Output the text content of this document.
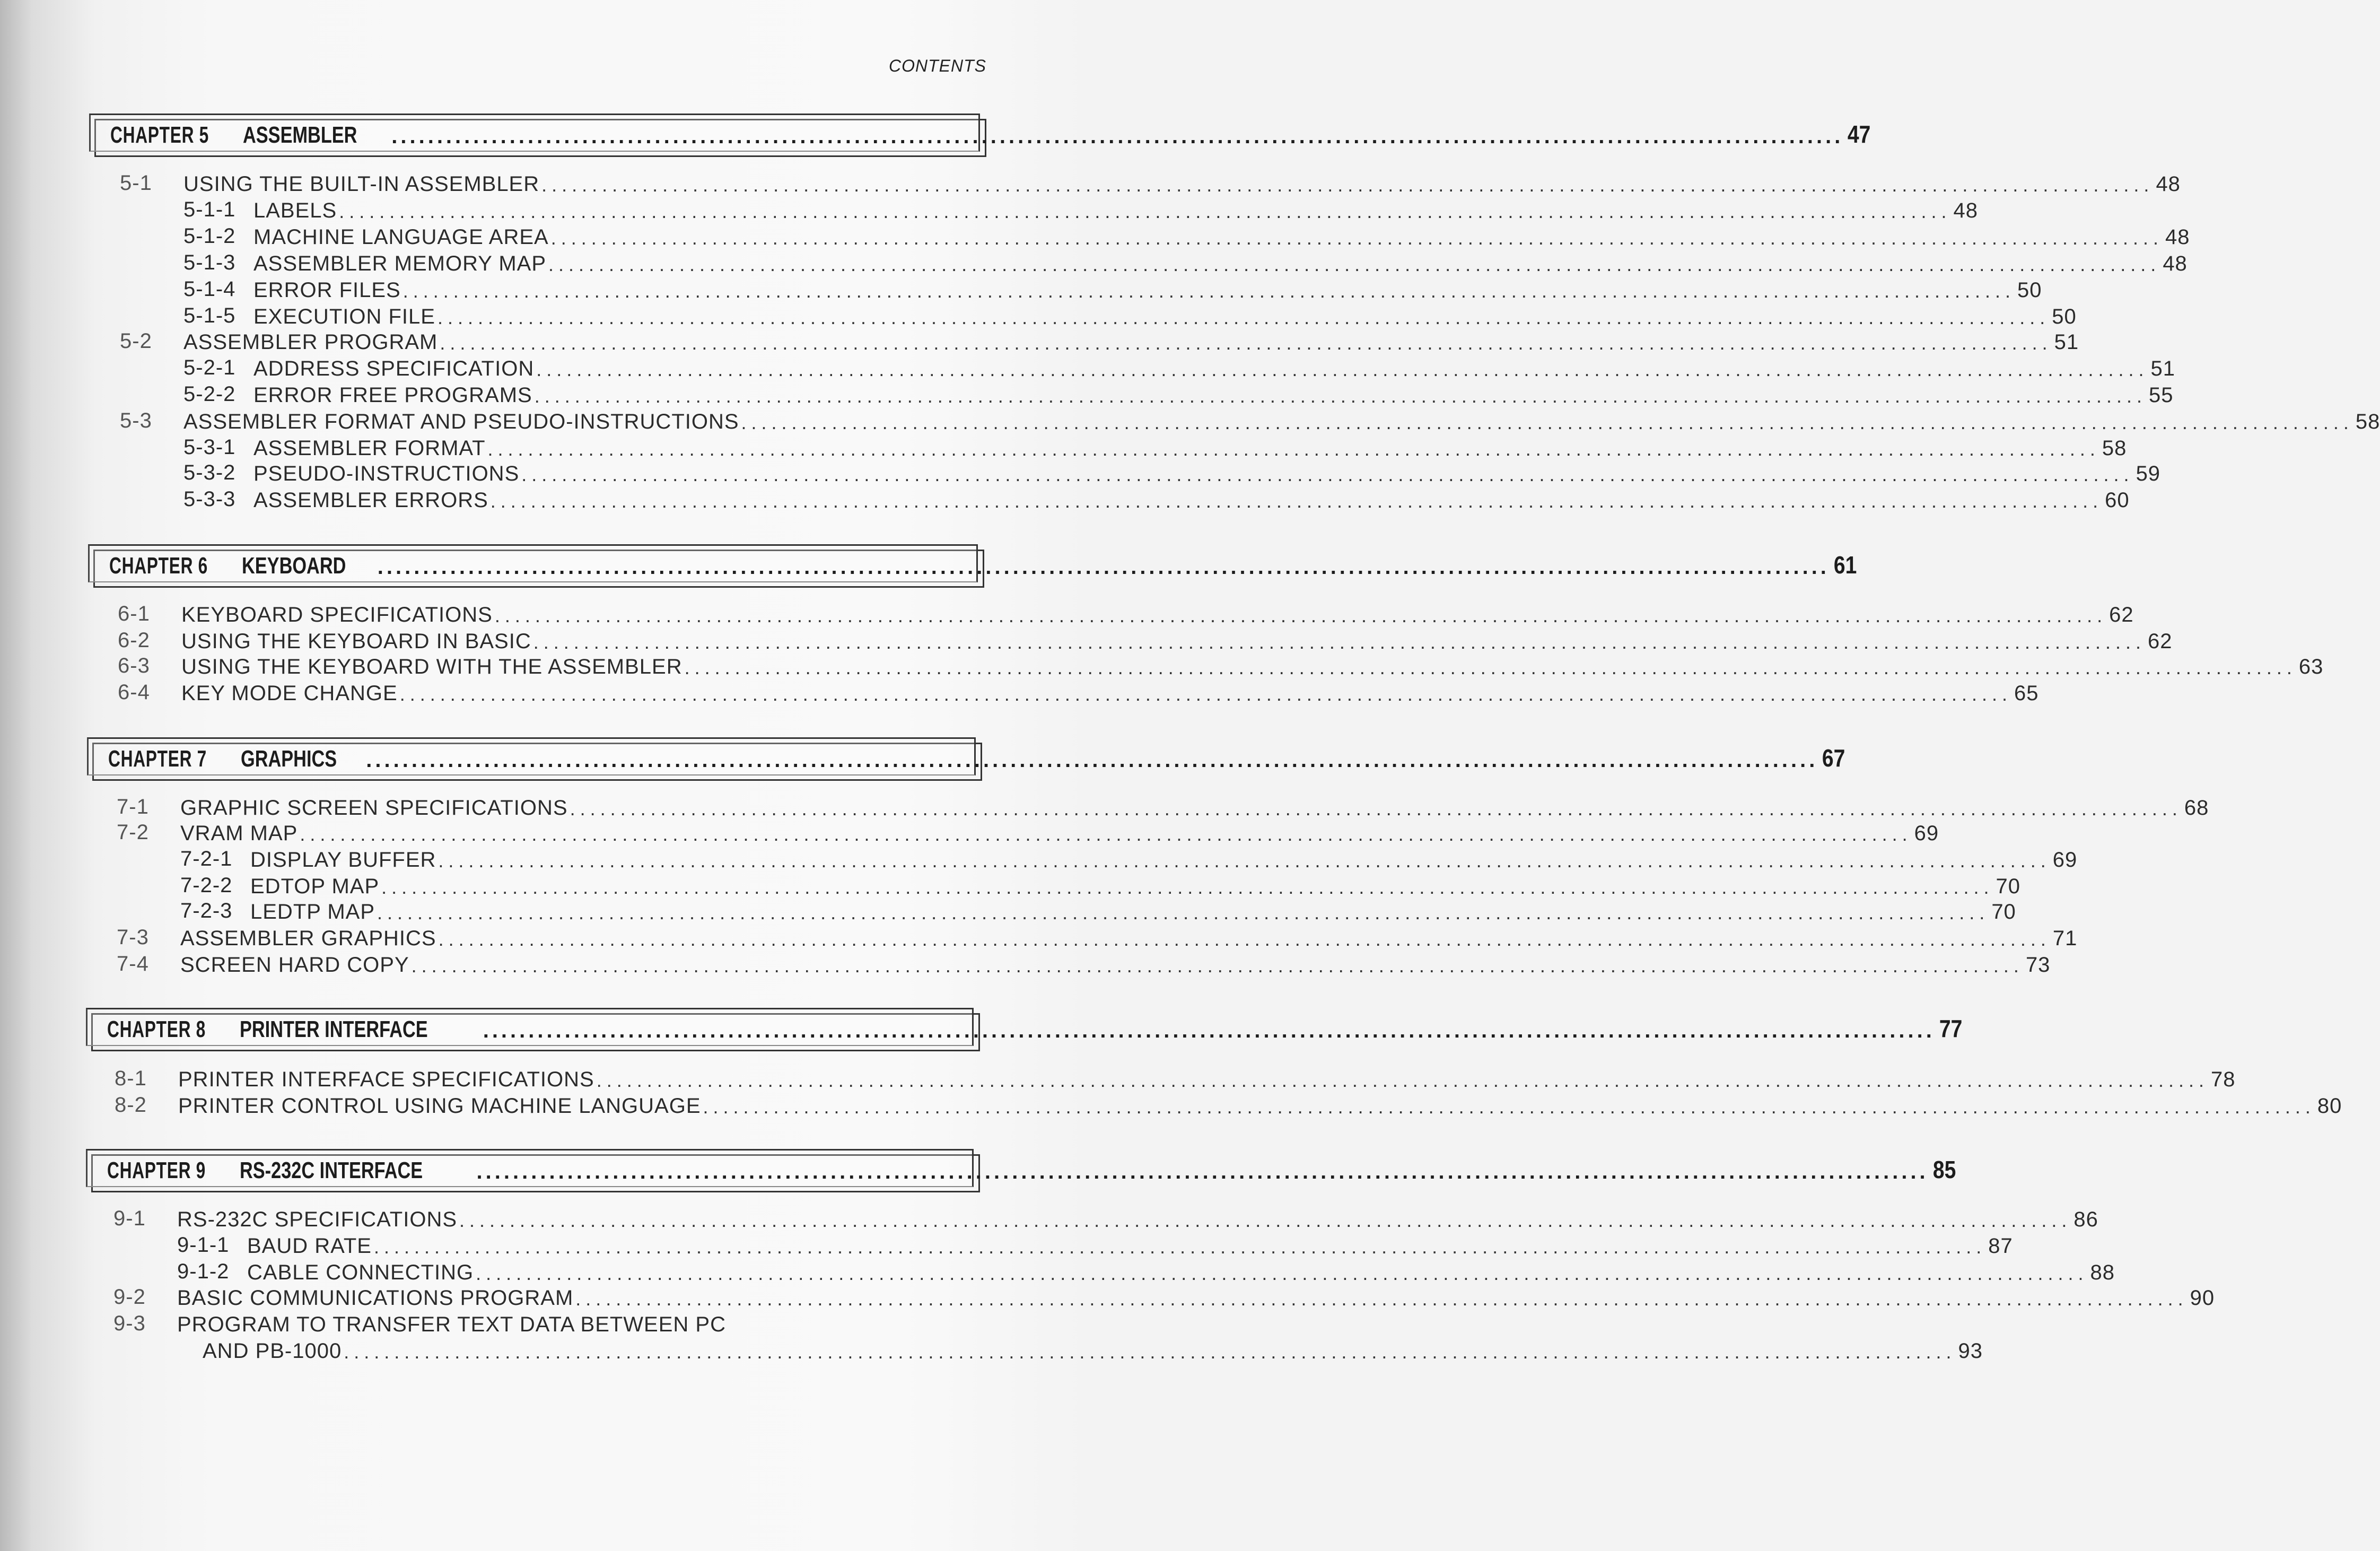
CONTENTS
CHAPTER 5 ASSEMBLER ................................................................................................................................................................ 47
5-1 USING THE BUILT-IN ASSEMBLER ................................................................................................................................................................ 48
5-1-1 LABELS ................................................................................................................................................................ 48
5-1-2 MACHINE LANGUAGE AREA ................................................................................................................................................................ 48
5-1-3 ASSEMBLER MEMORY MAP ................................................................................................................................................................ 48
5-1-4 ERROR FILES ................................................................................................................................................................ 50
5-1-5 EXECUTION FILE ................................................................................................................................................................ 50
5-2 ASSEMBLER PROGRAM ................................................................................................................................................................ 51
5-2-1 ADDRESS SPECIFICATION ................................................................................................................................................................ 51
5-2-2 ERROR FREE PROGRAMS ................................................................................................................................................................ 55
5-3 ASSEMBLER FORMAT AND PSEUDO-INSTRUCTIONS ................................................................................................................................................................ 58
5-3-1 ASSEMBLER FORMAT ................................................................................................................................................................ 58
5-3-2 PSEUDO-INSTRUCTIONS ................................................................................................................................................................ 59
5-3-3 ASSEMBLER ERRORS ................................................................................................................................................................ 60
CHAPTER 6 KEYBOARD ................................................................................................................................................................ 61
6-1 KEYBOARD SPECIFICATIONS ................................................................................................................................................................ 62
6-2 USING THE KEYBOARD IN BASIC ................................................................................................................................................................ 62
6-3 USING THE KEYBOARD WITH THE ASSEMBLER ................................................................................................................................................................ 63
6-4 KEY MODE CHANGE ................................................................................................................................................................ 65
CHAPTER 7 GRAPHICS ................................................................................................................................................................ 67
7-1 GRAPHIC SCREEN SPECIFICATIONS ................................................................................................................................................................ 68
7-2 VRAM MAP ................................................................................................................................................................ 69
7-2-1 DISPLAY BUFFER ................................................................................................................................................................ 69
7-2-2 EDTOP MAP ................................................................................................................................................................ 70
7-2-3 LEDTP MAP ................................................................................................................................................................ 70
7-3 ASSEMBLER GRAPHICS ................................................................................................................................................................ 71
7-4 SCREEN HARD COPY ................................................................................................................................................................ 73
CHAPTER 8 PRINTER INTERFACE	................................................................................................................................................................ 77
8-1 PRINTER INTERFACE SPECIFICATIONS ................................................................................................................................................................ 78
8-2 PRINTER CONTROL USING MACHINE LANGUAGE ................................................................................................................................................................ 80
CHAPTER 9 RS-232C INTERFACE	................................................................................................................................................................ 85
9-1 RS-232C SPECIFICATIONS ................................................................................................................................................................ 86
9-1-1 BAUD RATE ................................................................................................................................................................ 87
9-1-2 CABLE CONNECTING ................................................................................................................................................................ 88
9-2 BASIC COMMUNICATIONS PROGRAM ................................................................................................................................................................ 90
9-3 PROGRAM TO TRANSFER TEXT DATA BETWEEN PC
AND PB-1000 ................................................................................................................................................................ 93
